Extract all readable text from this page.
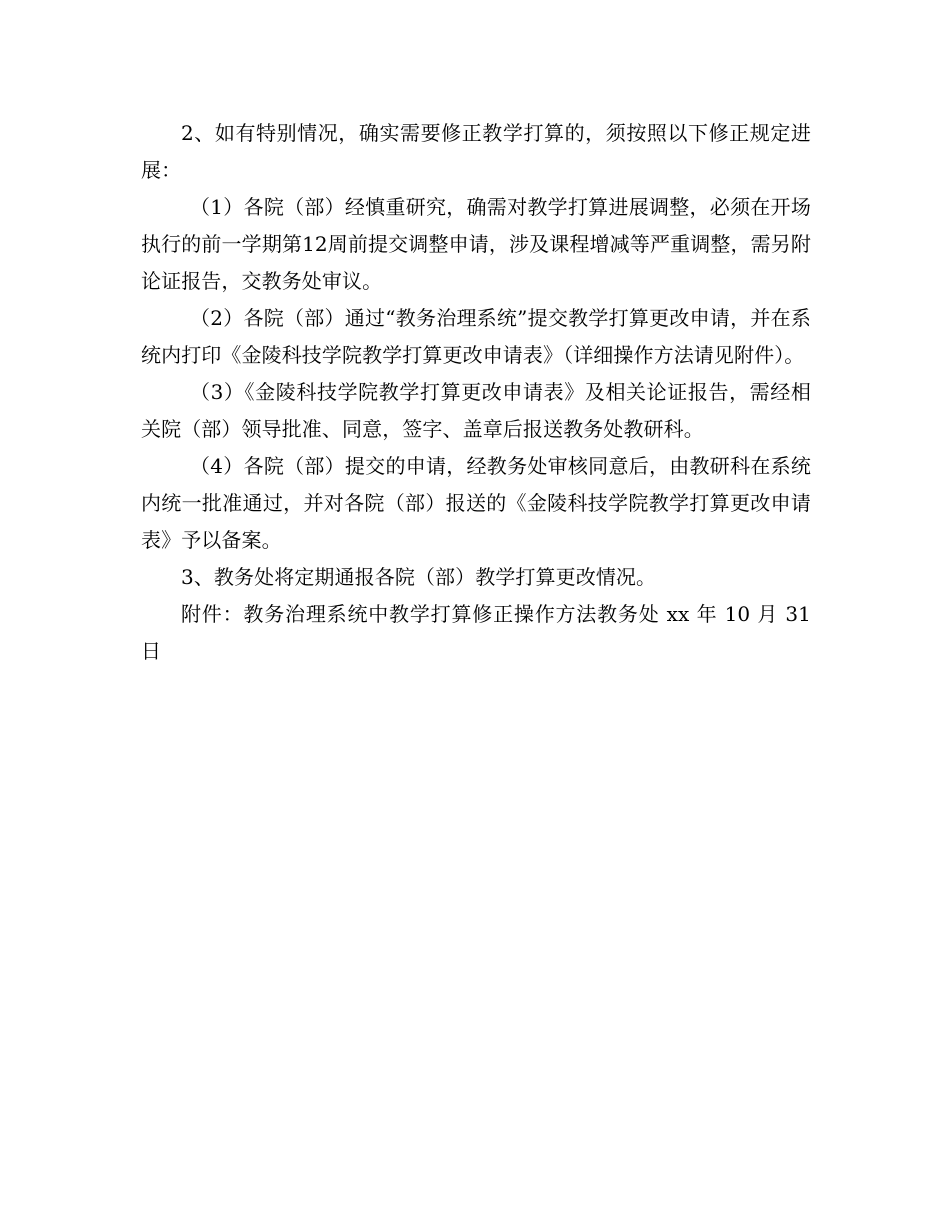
2、如有特别情况，确实需要修正教学打算的，须按照以下修正规定进展：

（1）各院（部）经慎重研究，确需对教学打算进展调整，必须在开场执行的前一学期第12周前提交调整申请，涉及课程增减等严重调整，需另附论证报告，交教务处审议。

（2）各院（部）通过“教务治理系统”提交教学打算更改申请，并在系统内打印《金陵科技学院教学打算更改申请表》（详细操作方法请见附件）。

（3）《金陵科技学院教学打算更改申请表》及相关论证报告，需经相关院（部）领导批准、同意，签字、盖章后报送教务处教研科。

（4）各院（部）提交的申请，经教务处审核同意后，由教研科在系统内统一批准通过，并对各院（部）报送的《金陵科技学院教学打算更改申请表》予以备案。

3、教务处将定期通报各院（部）教学打算更改情况。

附件：教务治理系统中教学打算修正操作方法教务处 xx 年 10 月 31 日
